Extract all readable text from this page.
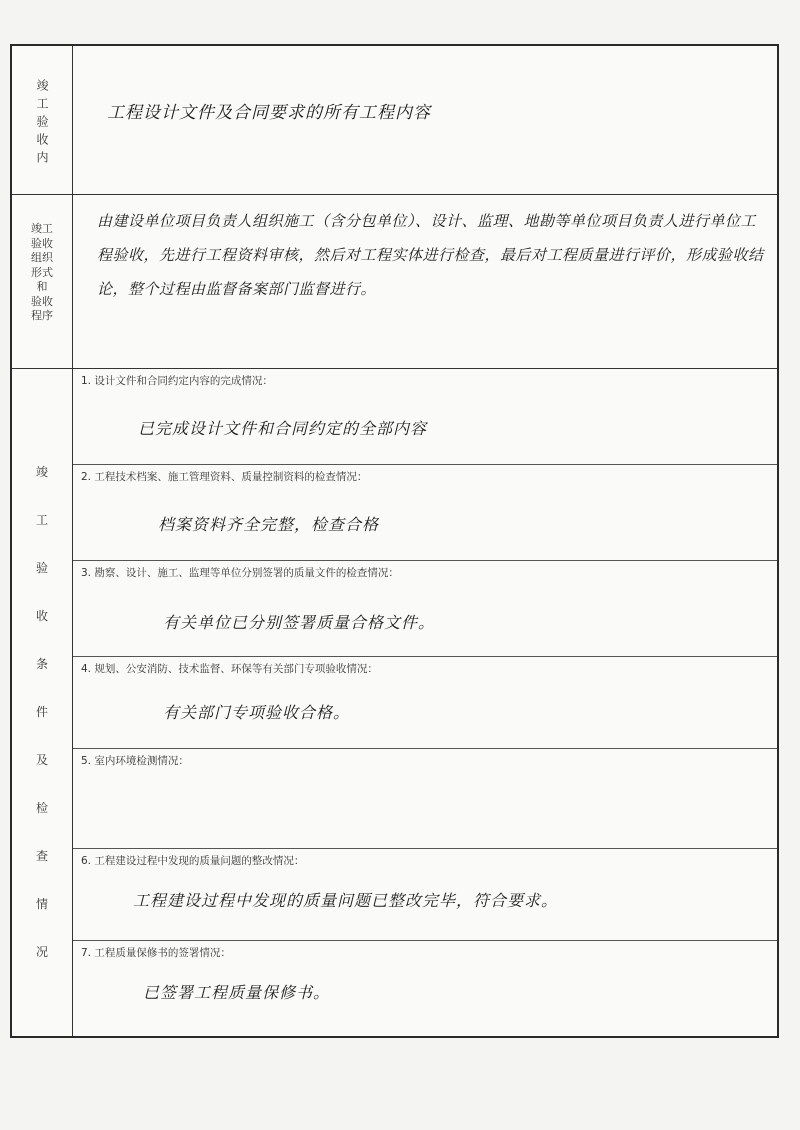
竣工验收内
工程设计文件及合同要求的所有工程内容
竣工
验收
组织
形式
和
验收
程序
由建设单位项目负责人组织施工（含分包单位）、设计、监理、地勘等单位项目负责人进行单位工程验收，先进行工程资料审核，然后对工程实体进行检查，最后对工程质量进行评价，形成验收结论，整个过程由监督备案部门监督进行。
竣
工
验
收
条
件
及
检
查
情
况
1. 设计文件和合同约定内容的完成情况：
已完成设计文件和合同约定的全部内容
2. 工程技术档案、施工管理资料、质量控制资料的检查情况：
档案资料齐全完整，检查合格
3. 勘察、设计、施工、监理等单位分别签署的质量文件的检查情况：
有关单位已分别签署质量合格文件。
4. 规划、公安消防、技术监督、环保等有关部门专项验收情况：
有关部门专项验收合格。
5. 室内环境检测情况：
6. 工程建设过程中发现的质量问题的整改情况：
工程建设过程中发现的质量问题已整改完毕，符合要求。
7. 工程质量保修书的签署情况：
已签署工程质量保修书。
